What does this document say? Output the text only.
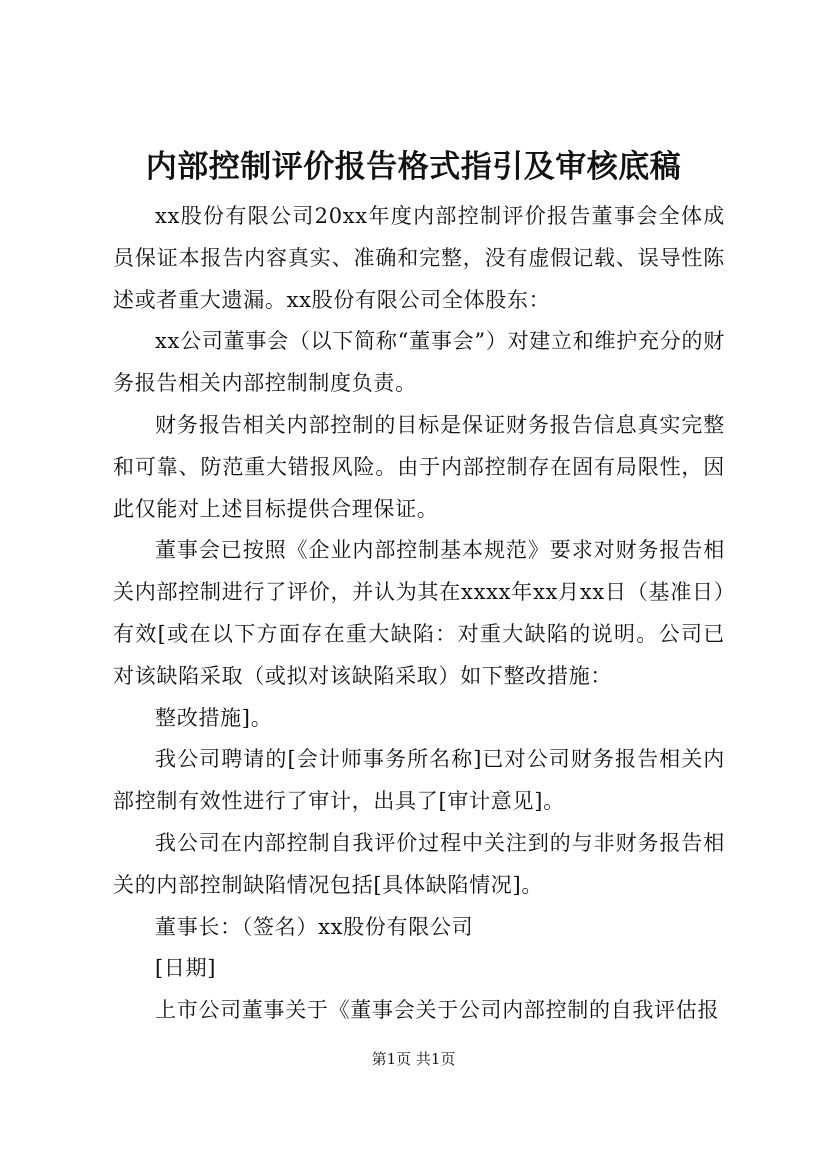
内部控制评价报告格式指引及审核底稿

xx股份有限公司20xx年度内部控制评价报告董事会全体成员保证本报告内容真实、准确和完整，没有虚假记载、误导性陈述或者重大遗漏。xx股份有限公司全体股东：

xx公司董事会（以下简称“董事会”）对建立和维护充分的财务报告相关内部控制制度负责。

财务报告相关内部控制的目标是保证财务报告信息真实完整和可靠、防范重大错报风险。由于内部控制存在固有局限性，因此仅能对上述目标提供合理保证。

董事会已按照《企业内部控制基本规范》要求对财务报告相关内部控制进行了评价，并认为其在xxxx年xx月xx日（基准日）有效[或在以下方面存在重大缺陷：对重大缺陷的说明。公司已对该缺陷采取（或拟对该缺陷采取）如下整改措施：

整改措施]。

我公司聘请的[会计师事务所名称]已对公司财务报告相关内部控制有效性进行了审计，出具了[审计意见]。

我公司在内部控制自我评价过程中关注到的与非财务报告相关的内部控制缺陷情况包括[具体缺陷情况]。

董事长：（签名）xx股份有限公司

[日期]

上市公司董事关于《董事会关于公司内部控制的自我评估报

第1页 共1页
